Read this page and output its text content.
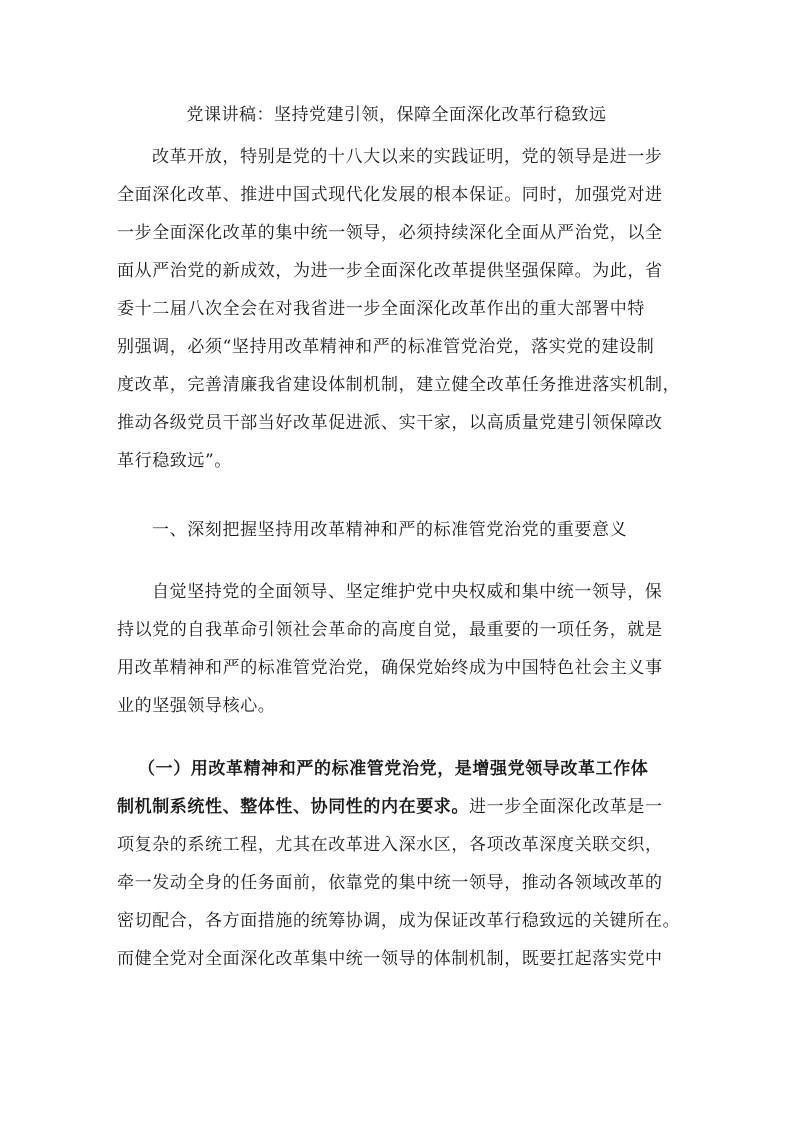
党课讲稿：坚持党建引领，保障全面深化改革行稳致远
改革开放，特别是党的十八大以来的实践证明，党的领导是进一步
全面深化改革、推进中国式现代化发展的根本保证。同时，加强党对进
一步全面深化改革的集中统一领导，必须持续深化全面从严治党，以全
面从严治党的新成效，为进一步全面深化改革提供坚强保障。为此，省
委十二届八次全会在对我省进一步全面深化改革作出的重大部署中特
别强调，必须“坚持用改革精神和严的标准管党治党，落实党的建设制
度改革，完善清廉我省建设体制机制，建立健全改革任务推进落实机制，
推动各级党员干部当好改革促进派、实干家，以高质量党建引领保障改
革行稳致远”。
一、深刻把握坚持用改革精神和严的标准管党治党的重要意义
自觉坚持党的全面领导、坚定维护党中央权威和集中统一领导，保
持以党的自我革命引领社会革命的高度自觉，最重要的一项任务，就是
用改革精神和严的标准管党治党，确保党始终成为中国特色社会主义事
业的坚强领导核心。
（一）用改革精神和严的标准管党治党，是增强党领导改革工作体
制机制系统性、整体性、协同性的内在要求。进一步全面深化改革是一
项复杂的系统工程，尤其在改革进入深水区，各项改革深度关联交织，
牵一发动全身的任务面前，依靠党的集中统一领导，推动各领域改革的
密切配合，各方面措施的统筹协调，成为保证改革行稳致远的关键所在。
而健全党对全面深化改革集中统一领导的体制机制，既要扛起落实党中
